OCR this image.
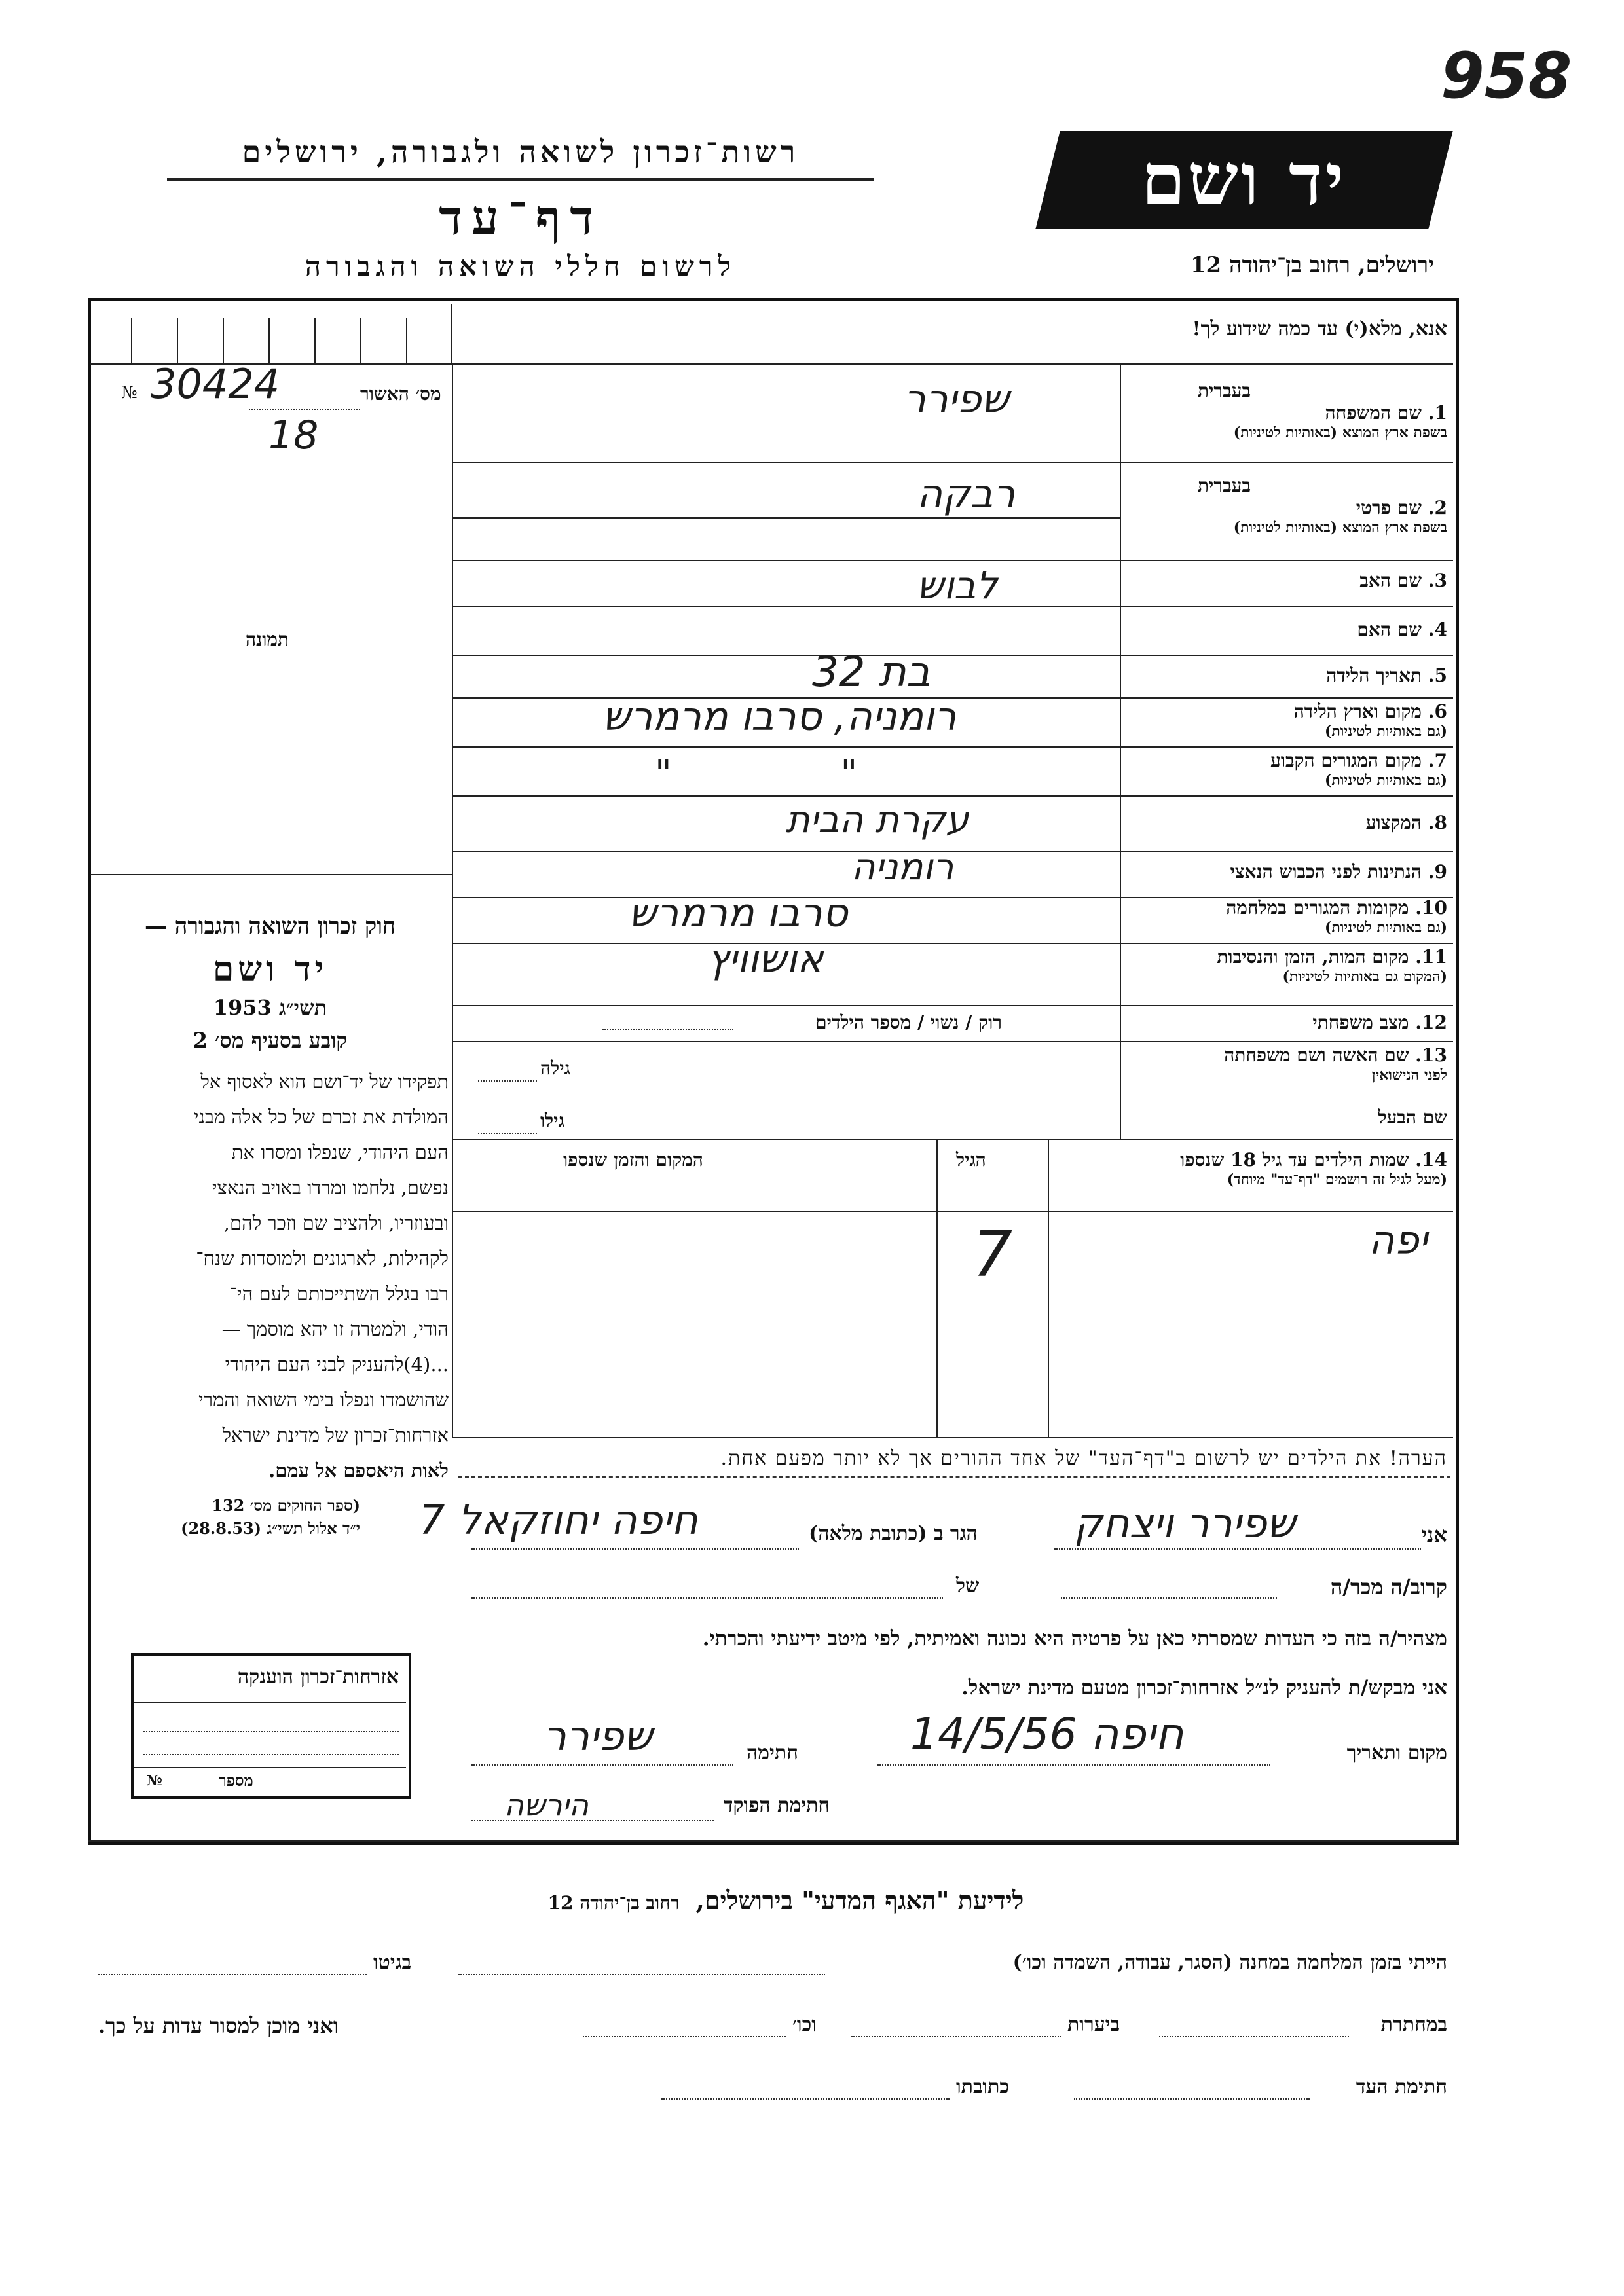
958
רשות־זכרון לשואה ולגבורה, ירושלים
דף־עד
לרשום חללי השואה והגבורה
יד ושם
ירושלים, רחוב בן־יהודה 12
אנא, מלא(י) עד כמה שידוע לך!
№ 30424	מס׳ האשור
18
תמונה
חוק זכרון השואה והגבורה —
יד ושם
תשי״ג 1953
קובע בסעיף מס׳ 2
תפקידו של יד־ושם הוא לאסוף אל
המולדת את זכרם של כל אלה מבני
העם היהודי, שנפלו ומסרו את
נפשם, נלחמו ומרדו באויב הנאצי
ובעוזריו, ולהציב שם וזכר להם,
לקהילות, לארגונים ולמוסדות שנח־
רבו בגלל השתייכותם לעם הי־
הודי, ולמטרה זו יהא מוסמך —
...(4)להעניק לבני העם היהודי
שהושמדו ונפלו בימי השואה והמרי
אזרחות־זכרון של מדינת ישראל
לאות היאספם אל עמם.
(ספר החוקים מס׳ 132
י״ד אלול תשי״ג (28.8.53)
בעברית
1. שם המשפחה
בשפת ארץ המוצא (באותיות לטיניות)
שפירר
בעברית
2. שם פרטי
בשפת ארץ המוצא (באותיות לטיניות)
רבקה
3. שם האב
לבוש
4. שם האם
5. תאריך הלידה
בת 32
6. מקום וארץ הלידה
(גם באותיות לטיניות)
רומניה, סרבו מרמרש
7. מקום המגורים הקבוע
(גם באותיות לטיניות)
" "
8. המקצוע
עקרת הבית
9. הנתינות לפני הכבוש הנאצי
רומניה
10. מקומות המגורים במלחמה
(גם באותיות לטיניות)
סרבו מרמרש
11. מקום המות, הזמן והנסיבות
(המקום גם באותיות לטיניות)
אושוויץ
12. מצב משפחתי
רוק / נשוי / מספר הילדים
13. שם האשה ושם משפחתה
לפני הנישואין
גילה
שם הבעל
גילו
14. שמות הילדים עד גיל 18 שנספו
(מעל לגיל זה רושמים "דף־עד" מיוחד)
הגיל
המקום והזמן שנספו
יפה
7
הערה! את הילדים יש לרשום ב"דף־העד" של אחד ההורים אך לא יותר מפעם אחת.
אני
שפירר ויצחק
הגר ב (כתובת מלאה)
חיפה יחוזקאל 7
קרוב/ה מכר/ה
של
מצהיר/ה בזה כי העדות שמסרתי כאן על פרטיה היא נכונה ואמיתית, לפי מיטב ידיעתי והכרתי.
אני מבקש/ת להעניק לנ״ל אזרחות־זכרון מטעם מדינת ישראל.
מקום ותאריך
חיפה 14/5/56
חתימה
שפירר
חתימת הפוקד
הירשה
אזרחות־זכרון הוענקה
№	מספר
לידיעת "האגף המדעי" בירושלים, רחוב בן־יהודה 12
הייתי בזמן המלחמה במחנה (הסגר, עבודה, השמדה וכו׳)
בגיטו
במחתרת
ביערות
וכו׳
ואני מוכן למסור עדות על כך.
חתימת העד
כתובתו
